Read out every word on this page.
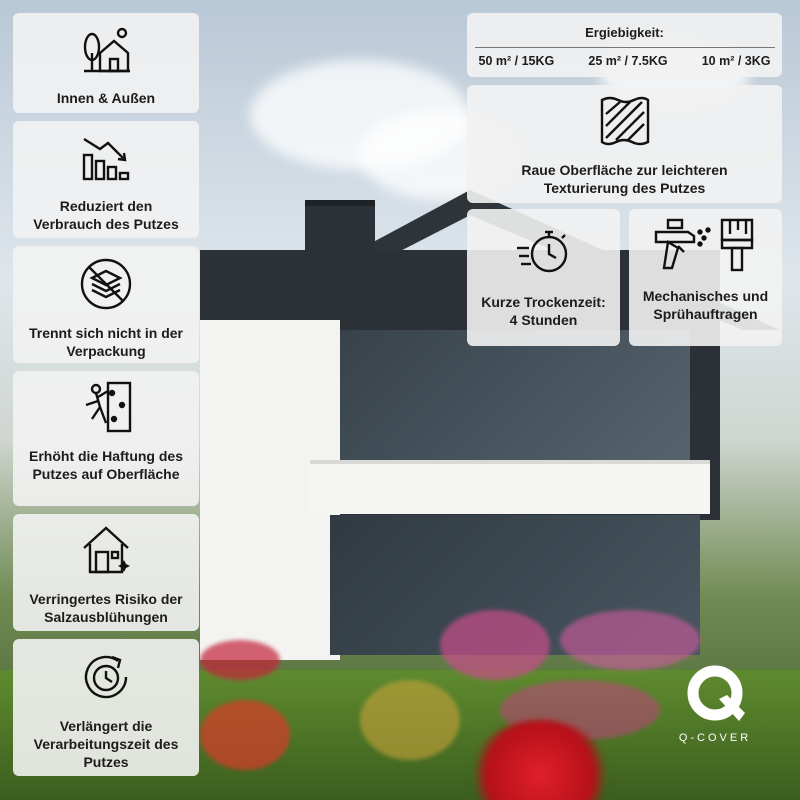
Innen & Außen
Reduziert den Verbrauch des Putzes
Trennt sich nicht in der Verpackung
Erhöht die Haftung des Putzes auf Oberfläche
Verringertes Risiko der Salzausblühungen
Verlängert die Verarbeitungszeit des Putzes
Ergiebigkeit:
50 m² / 15KG	25 m² / 7.5KG	10 m² / 3KG
Raue Oberfläche zur leichteren Texturierung des Putzes
Kurze Trockenzeit: 4 Stunden
Mechanisches und Sprühauftragen
Q-COVER
